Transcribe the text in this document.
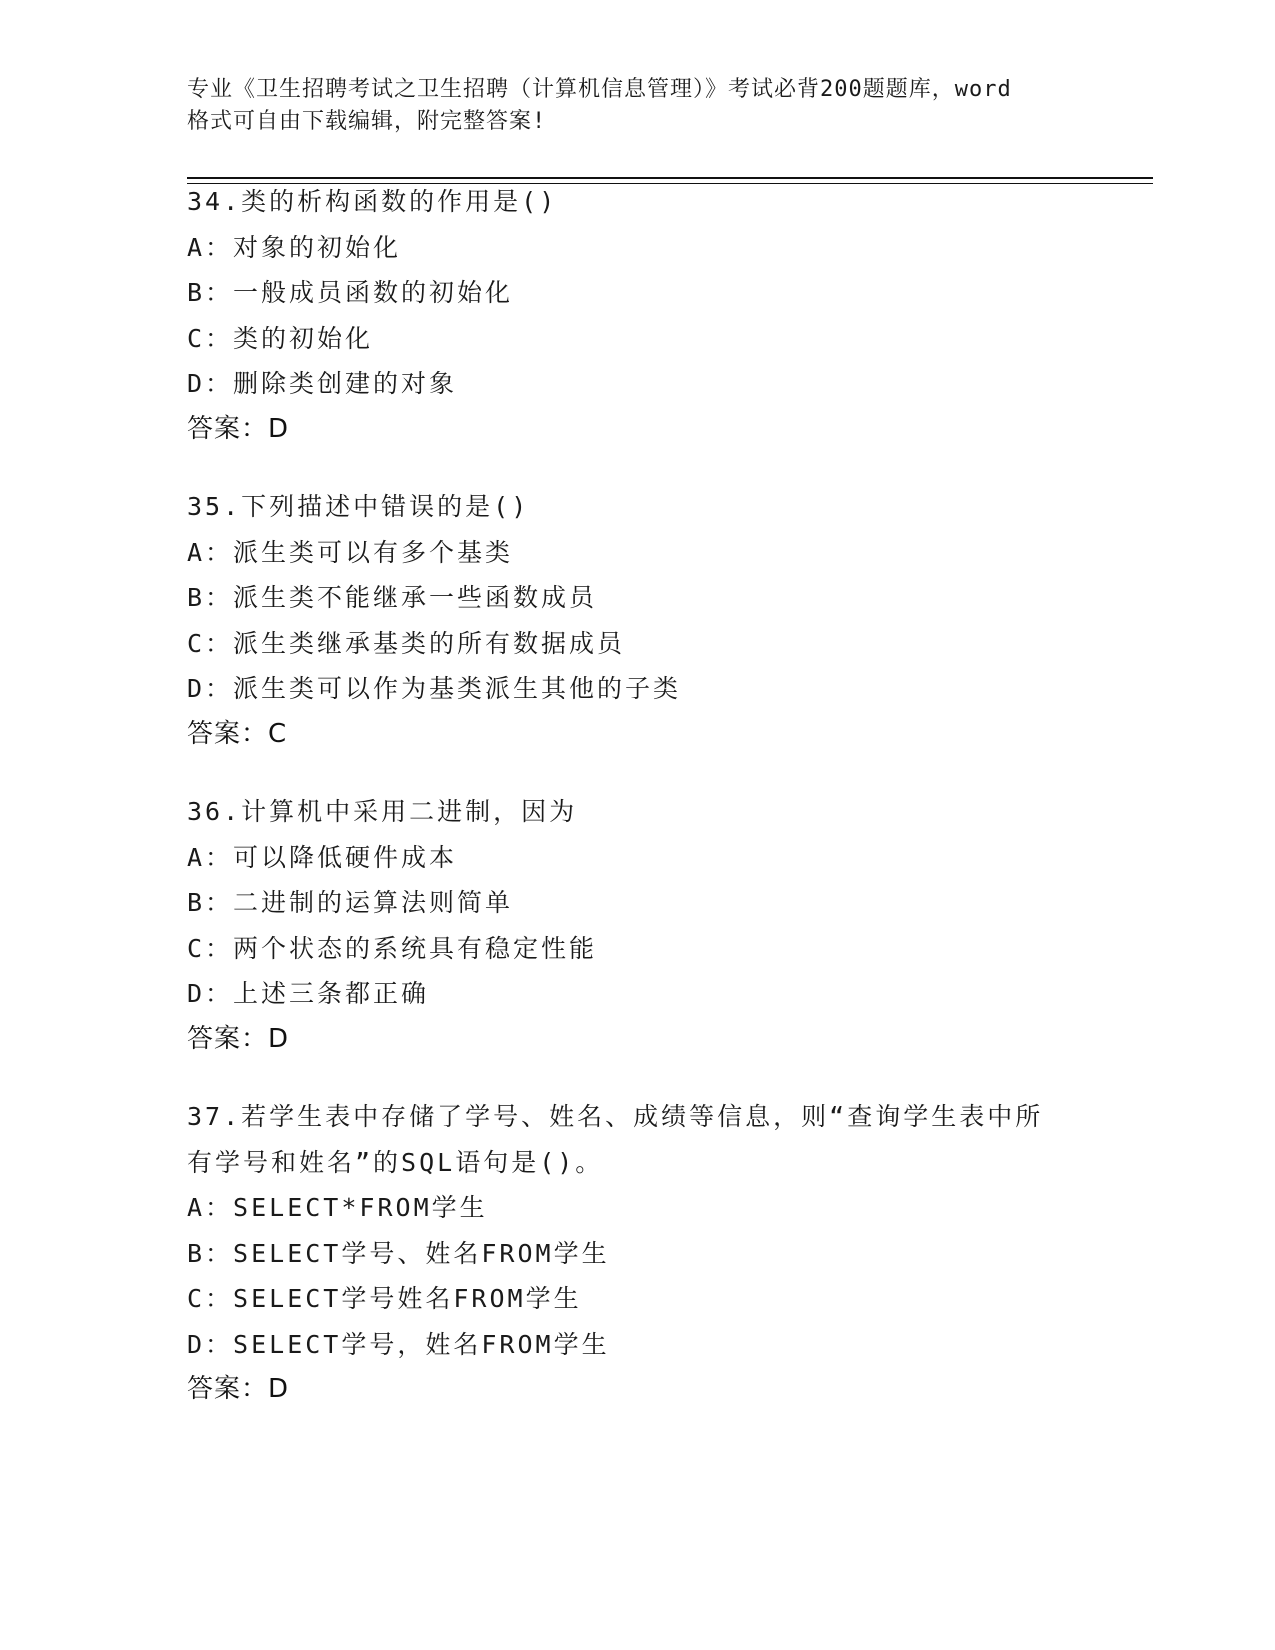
专业《卫生招聘考试之卫生招聘（计算机信息管理）》考试必背200题题库，word
格式可自由下载编辑，附完整答案!
34.类的析构函数的作用是()
A：对象的初始化
B：一般成员函数的初始化
C：类的初始化
D：删除类创建的对象
答案：D
35.下列描述中错误的是()
A：派生类可以有多个基类
B：派生类不能继承一些函数成员
C：派生类继承基类的所有数据成员
D：派生类可以作为基类派生其他的子类
答案：C
36.计算机中采用二进制，因为
A：可以降低硬件成本
B：二进制的运算法则简单
C：两个状态的系统具有稳定性能
D：上述三条都正确
答案：D
37.若学生表中存储了学号、姓名、成绩等信息，则“查询学生表中所
有学号和姓名”的SQL语句是()。
A：SELECT*FROM学生
B：SELECT学号、姓名FROM学生
C：SELECT学号姓名FROM学生
D：SELECT学号，姓名FROM学生
答案：D
